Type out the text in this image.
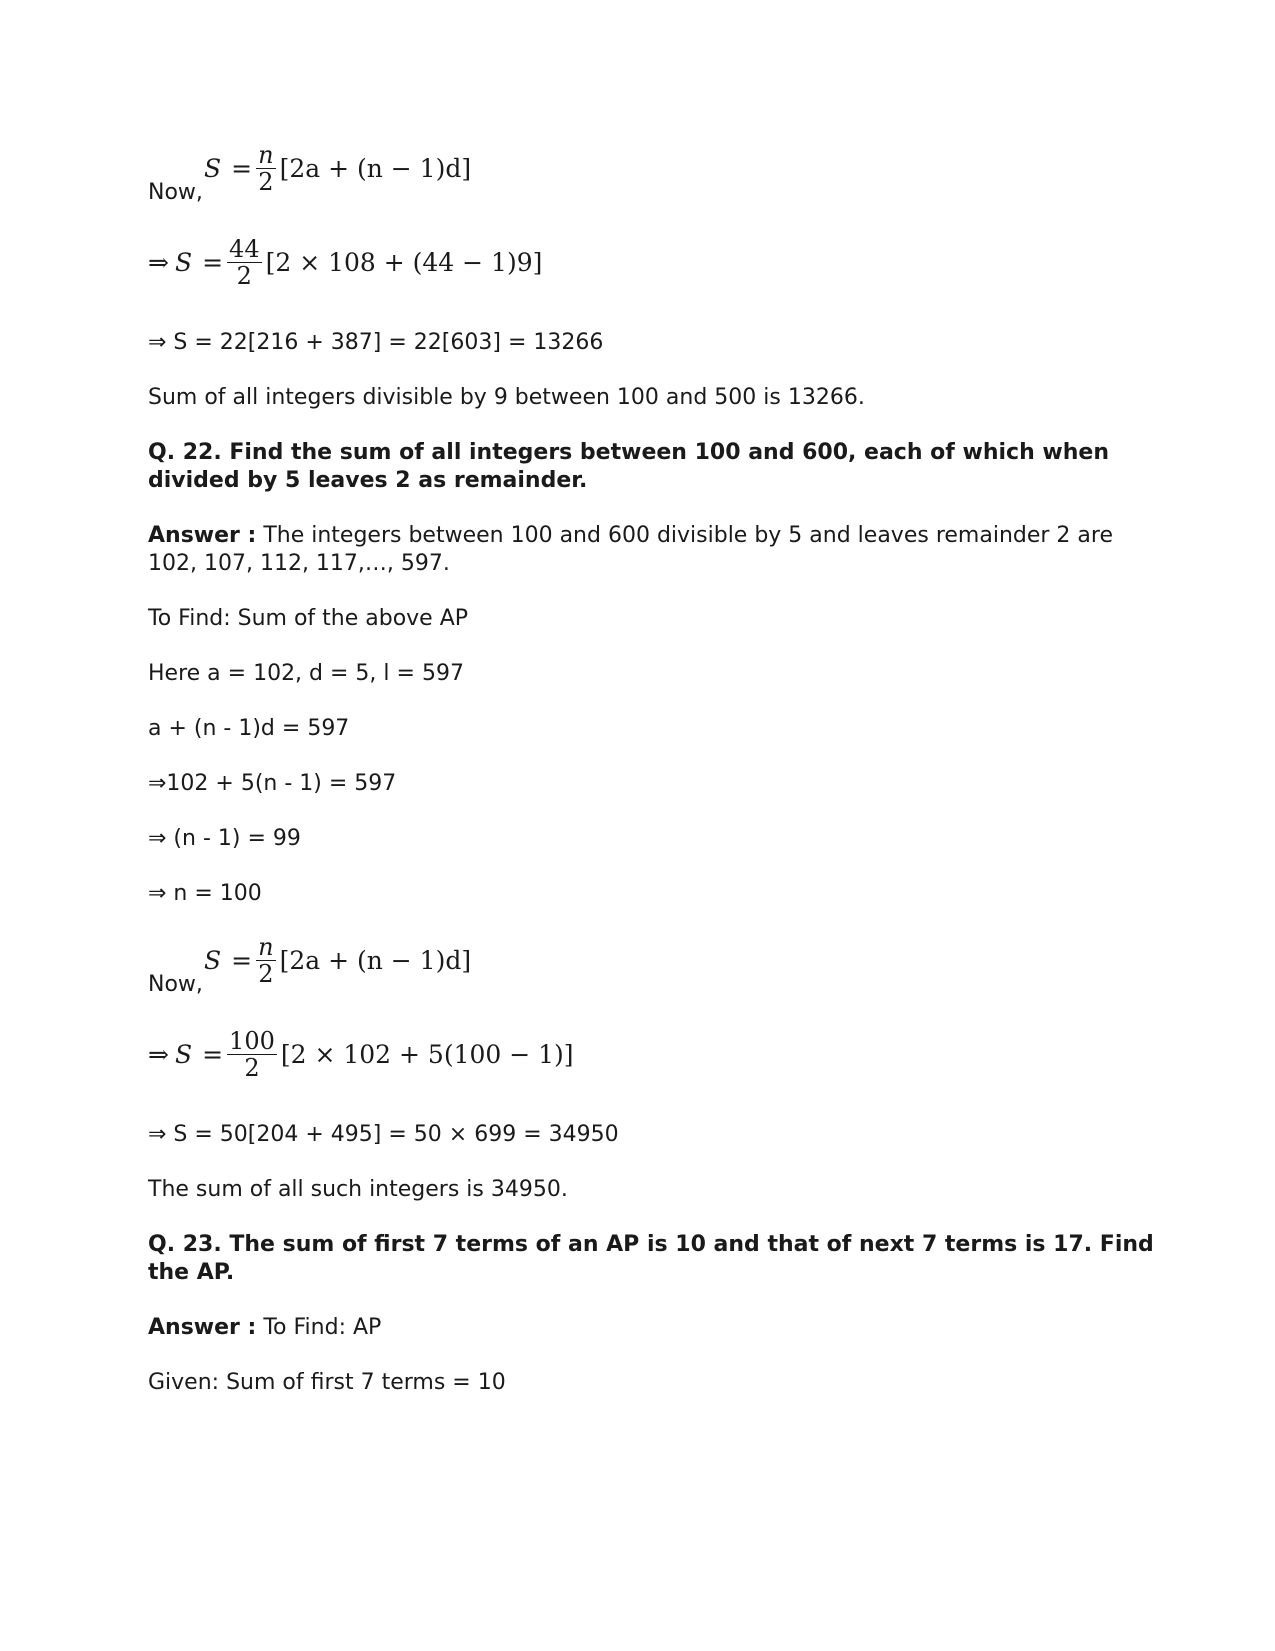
Now,
$S = \frac{n}{2} [2a + (n - 1)d]$
⇒ $S = \frac{44}{2} [2 \times 108 + (44 - 1)9]$
⇒ S = 22[216 + 387] = 22[603] = 13266
Sum of all integers divisible by 9 between 100 and 500 is 13266.
Q. 22. Find the sum of all integers between 100 and 600, each of which when
divided by 5 leaves 2 as remainder.
Answer : The integers between 100 and 600 divisible by 5 and leaves remainder 2 are
102, 107, 112, 117,…, 597.
To Find: Sum of the above AP
Here a = 102, d = 5, l = 597
a + (n - 1)d = 597
⇒102 + 5(n - 1) = 597
⇒ (n - 1) = 99
⇒ n = 100
Now,
$S = \frac{n}{2} [2a + (n - 1)d]$
⇒ $S = \frac{100}{2} [2 \times 102 + 5(100 - 1)]$
⇒ S = 50[204 + 495] = 50 × 699 = 34950
The sum of all such integers is 34950.
Q. 23. The sum of first 7 terms of an AP is 10 and that of next 7 terms is 17. Find
the AP.
Answer : To Find: AP
Given: Sum of first 7 terms = 10
